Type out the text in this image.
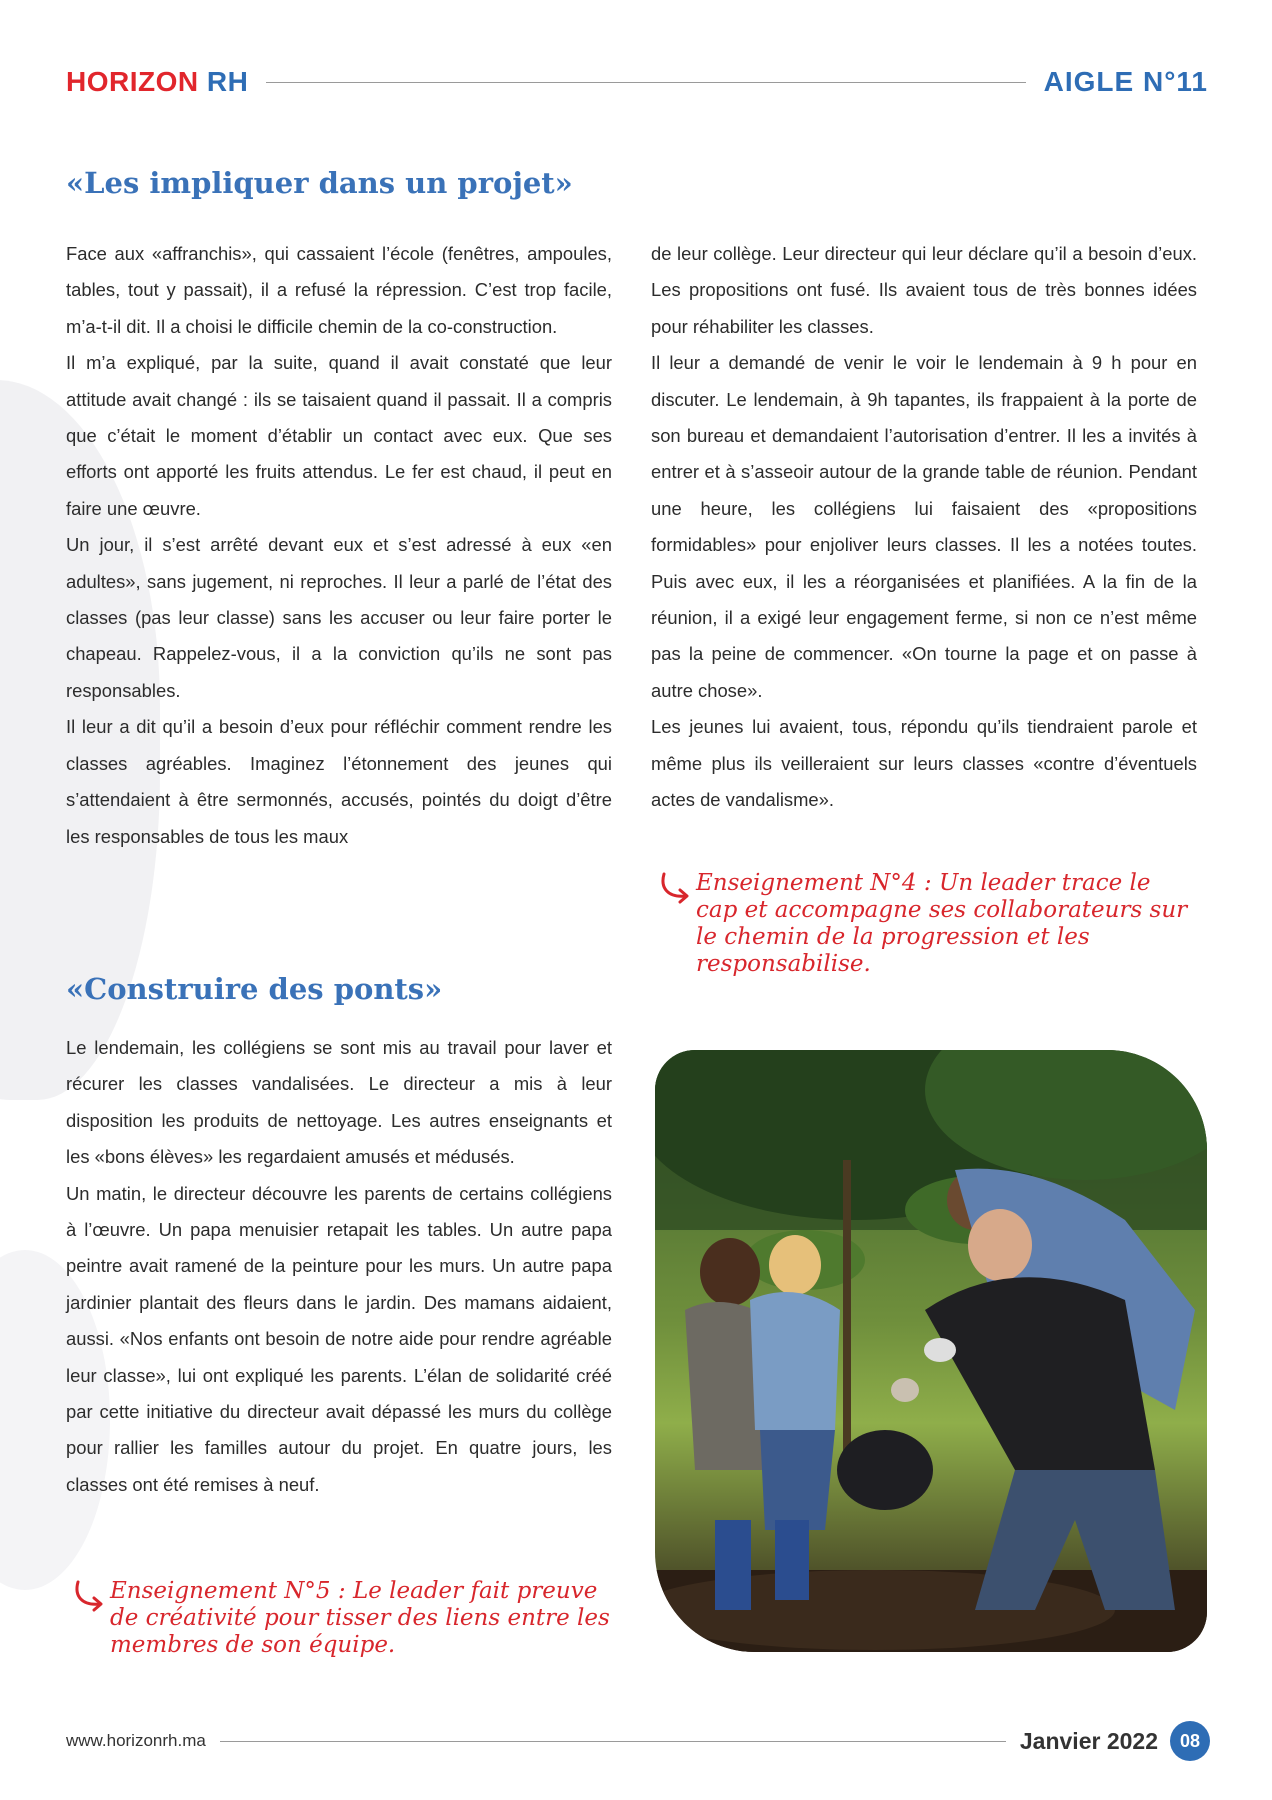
HORIZON RH	AIGLE N°11
«Les impliquer dans un projet»

Face aux «affranchis», qui cassaient l’école (fenêtres, ampoules, tables, tout y passait), il a refusé la répression. C’est trop facile, m’a-t-il dit. Il a choisi le difficile chemin de la co-construction.

Il m’a expliqué, par la suite, quand il avait constaté que leur attitude avait changé : ils se taisaient quand il passait. Il a compris que c’était le moment d’établir un contact avec eux. Que ses efforts ont apporté les fruits attendus. Le fer est chaud, il peut en faire une œuvre.

Un jour, il s’est arrêté devant eux et s’est adressé à eux «en adultes», sans jugement, ni reproches. Il leur a parlé de l’état des classes (pas leur classe) sans les accuser ou leur faire porter le chapeau. Rappelez-vous, il a la conviction qu’ils ne sont pas responsables.

Il leur a dit qu’il a besoin d’eux pour réfléchir comment rendre les classes agréables. Imaginez l’étonnement des jeunes qui s’attendaient à être sermonnés, accusés, pointés du doigt d’être les responsables de tous les maux

de leur collège. Leur directeur qui leur déclare qu’il a besoin d’eux. Les propositions ont fusé. Ils avaient tous de très bonnes idées pour réhabiliter les classes.

Il leur a demandé de venir le voir le lendemain à 9 h pour en discuter. Le lendemain, à 9h tapantes, ils frappaient à la porte de son bureau et demandaient l’autorisation d’entrer. Il les a invités à entrer et à s’asseoir autour de la grande table de réunion. Pendant une heure, les collégiens lui faisaient des «propositions formidables» pour enjoliver leurs classes. Il les a notées toutes. Puis avec eux, il les a réorganisées et planifiées. A la fin de la réunion, il a exigé leur engagement ferme, si non ce n’est même pas la peine de commencer. «On tourne la page et on passe à autre chose».

Les jeunes lui avaient, tous, répondu qu’ils tiendraient parole et même plus ils veilleraient sur leurs classes «contre d’éventuels actes de vandalisme».

Enseignement N°4 : Un leader trace le cap et accompagne ses collaborateurs sur le chemin de la progression et les responsabilise.
«Construire des ponts»

Le lendemain, les collégiens se sont mis au travail pour laver et récurer les classes vandalisées. Le directeur a mis à leur disposition les produits de nettoyage. Les autres enseignants et les «bons élèves» les regardaient amusés et médusés.

Un matin, le directeur découvre les parents de certains collégiens à l’œuvre. Un papa menuisier retapait les tables. Un autre papa peintre avait ramené de la peinture pour les murs. Un autre papa jardinier plantait des fleurs dans le jardin. Des mamans aidaient, aussi. «Nos enfants ont besoin de notre aide pour rendre agréable leur classe», lui ont expliqué les parents. L’élan de solidarité créé par cette initiative du directeur avait dépassé les murs du collège pour rallier les familles autour du projet. En quatre jours, les classes ont été remises à neuf.

Enseignement N°5 : Le leader fait preuve de créativité pour tisser des liens entre les membres de son équipe.
www.horizonrh.ma	Janvier 2022	08
